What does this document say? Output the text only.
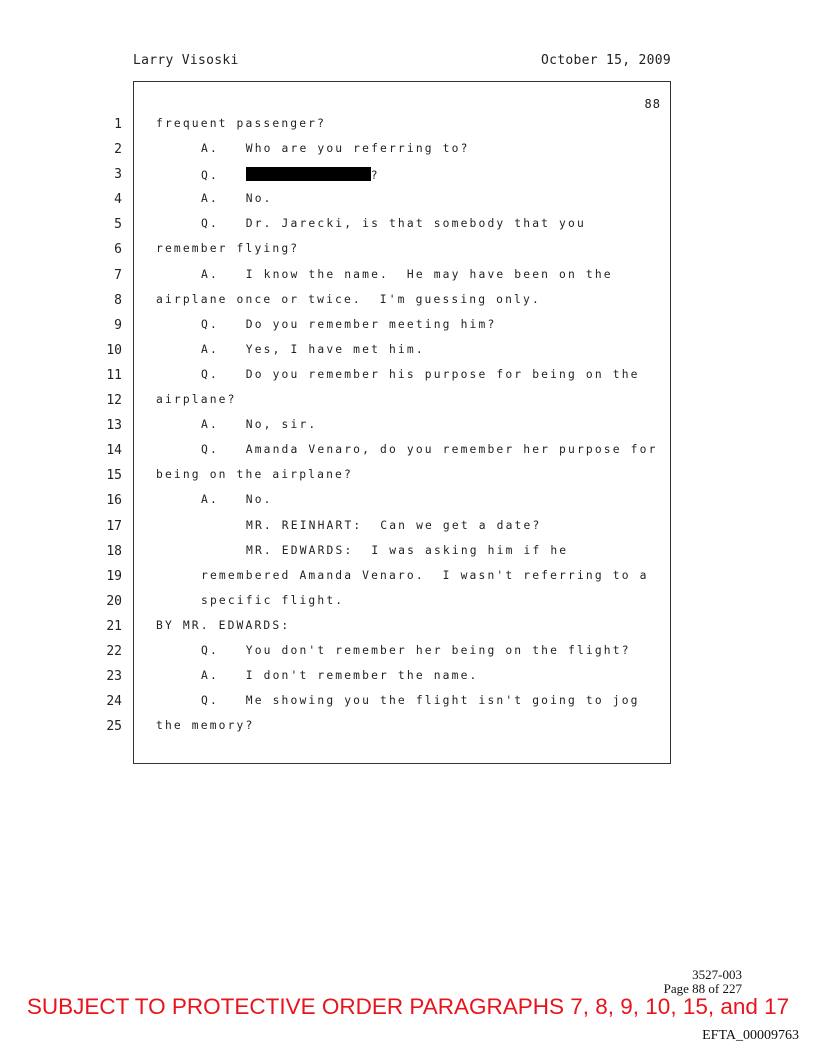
Larry Visoski	October 15, 2009
88
1	frequent passenger?
2	A.   Who are you referring to?
3	Q.	?
4	A.   No.
5	Q.   Dr. Jarecki, is that somebody that you
6	remember flying?
7	A.   I know the name.  He may have been on the
8	airplane once or twice.  I'm guessing only.
9	Q.   Do you remember meeting him?
10	A.   Yes, I have met him.
11	Q.   Do you remember his purpose for being on the
12	airplane?
13	A.   No, sir.
14	Q.   Amanda Venaro, do you remember her purpose for
15	being on the airplane?
16	A.   No.
17	MR. REINHART:  Can we get a date?
18	MR. EDWARDS:  I was asking him if he
19	remembered Amanda Venaro.  I wasn't referring to a
20	specific flight.
21	BY MR. EDWARDS:
22	Q.   You don't remember her being on the flight?
23	A.   I don't remember the name.
24	Q.   Me showing you the flight isn't going to jog
25	the memory?
3527-003
Page 88 of 227
SUBJECT TO PROTECTIVE ORDER PARAGRAPHS 7, 8, 9, 10, 15, and 17
EFTA_00009763
